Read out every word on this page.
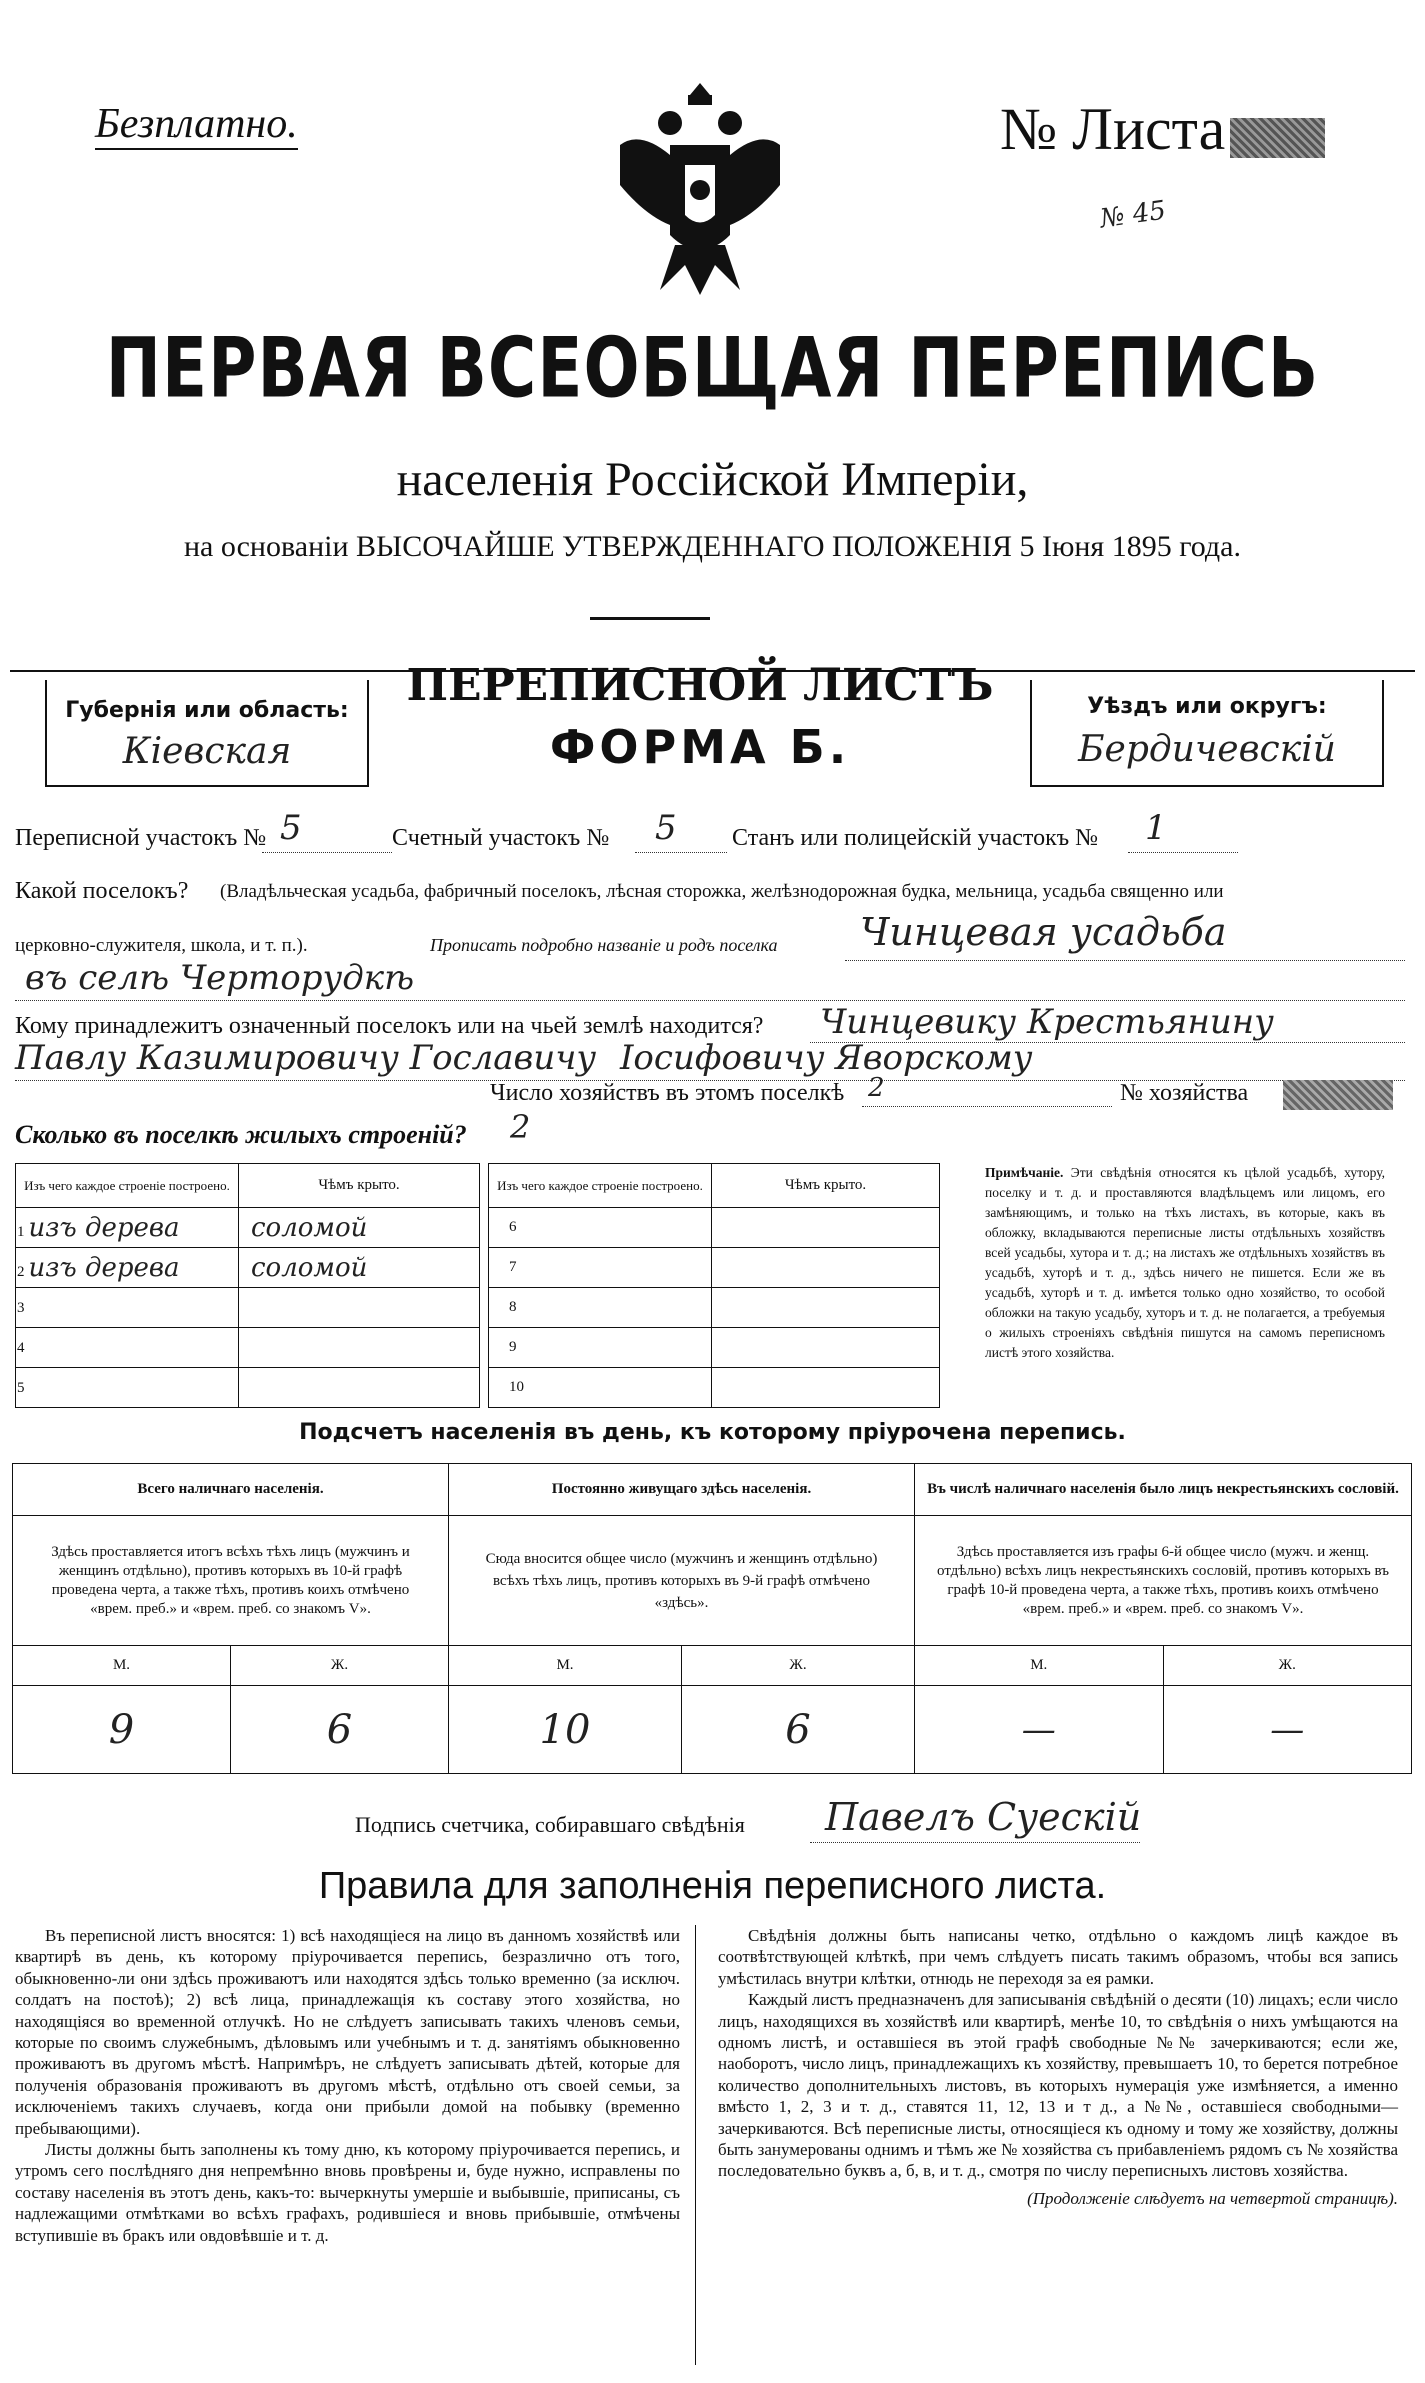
Безплатно.	№ Листа
№ 45
ПЕРВАЯ ВСЕОБЩАЯ ПЕРЕПИСЬ
населенія Россійской Имперіи,
на основаніи ВЫСОЧАЙШЕ УТВЕРЖДЕННАГО ПОЛОЖЕНІЯ 5 Іюня 1895 года.
Губернія или область:
Кіевская
ПЕРЕПИСНОЙ ЛИСТЪ
ФОРМА Б.
Уѣздъ или округъ:
Бердичевскій
Переписной участокъ № 5	Счетный участокъ № 5 Станъ или полицейскій участокъ № 1
Какой поселокъ? (Владѣльческая усадьба, фабричный поселокъ, лѣсная сторожка, желѣзнодорожная будка, мельница, усадьба священно или
церковно-служителя, школа, и т. п.).	Прописать подробно названіе и родъ поселка Чинцевая усадьба
въ селѣ Черторудкѣ
Кому принадлежитъ означенный поселокъ или на чьей землѣ находится? Чинцевику Крестьянину
Павлу Казимировичу Гославичу Іосифовичу Яворскому
Число хозяйствъ въ этомъ поселкѣ 2	№ хозяйства
Сколько въ поселкѣ жилыхъ строеній? 2
Изъ чего каждое строеніе построено.	Чѣмъ крыто.
1 изъ дерева	соломой
2 изъ дерева	соломой
3	
4	
5	
Изъ чего каждое строеніе построено.	Чѣмъ крыто.
6	
7	
8	
9	
10	
Примѣчаніе. Эти свѣдѣнія относятся къ цѣлой усадьбѣ, хутору, поселку и т. д. и проставляются владѣльцемъ или лицомъ, его замѣняющимъ, и только на тѣхъ листахъ, въ которые, какъ въ обложку, вкладываются переписные листы отдѣльныхъ хозяйствъ всей усадьбы, хутора и т. д.; на листахъ же отдѣльныхъ хозяйствъ въ усадьбѣ, хуторѣ и т. д., здѣсь ничего не пишется. Если же въ усадьбѣ, хуторѣ и т. д. имѣется только одно хозяйство, то особой обложки на такую усадьбу, хуторъ и т. д. не полагается, а требуемыя о жилыхъ строеніяхъ свѣдѣнія пишутся на самомъ переписномъ листѣ этого хозяйства.
Подсчетъ населенія въ день, къ которому пріурочена перепись.
Всего наличнаго населенія.		Постоянно живущаго здѣсь населенія.		Въ числѣ наличнаго населенія было лицъ некрестьянскихъ сословій.	
Здѣсь проставляется итогъ всѣхъ тѣхъ лицъ (мужчинъ и женщинъ отдѣльно), противъ которыхъ въ 10-й графѣ проведена черта, а также тѣхъ, противъ коихъ отмѣчено «врем. преб.» и «врем. преб. со знакомъ V».		Сюда вносится общее число (мужчинъ и женщинъ отдѣльно) всѣхъ тѣхъ лицъ, противъ которыхъ въ 9-й графѣ отмѣчено «здѣсь».		Здѣсь проставляется изъ графы 6-й общее число (мужч. и женщ. отдѣльно) всѣхъ лицъ некрестьянскихъ сословій, противъ которыхъ въ графѣ 10-й проведена черта, а также тѣхъ, противъ коихъ отмѣчено «врем. преб.» и «врем. преб. со знакомъ V».	
М.	Ж.	М.	Ж.	М.	Ж.
9	6	10	6	—	—
Подпись счетчика, собиравшаго свѣдѣнія Павелъ Суескій
Правила для заполненія переписного листа.

Въ переписной листъ вносятся: 1) всѣ находящіеся на лицо въ данномъ хозяйствѣ или квартирѣ въ день, къ которому пріурочивается перепись, безразлично отъ того, обыкновенно-ли они здѣсь проживаютъ или находятся здѣсь только временно (за исключ. солдатъ на постоѣ); 2) всѣ лица, принадлежащія къ составу этого хозяйства, но находящіяся во временной отлучкѣ. Но не слѣдуетъ записывать такихъ членовъ семьи, которые по своимъ служебнымъ, дѣловымъ или учебнымъ и т. д. занятіямъ обыкновенно проживаютъ въ другомъ мѣстѣ. Напримѣръ, не слѣдуетъ записывать дѣтей, которые для полученія образованія проживаютъ въ другомъ мѣстѣ, отдѣльно отъ своей семьи, за исключеніемъ такихъ случаевъ, когда они прибыли домой на побывку (временно пребывающими).

Листы должны быть заполнены къ тому дню, къ которому пріурочивается перепись, и утромъ сего послѣдняго дня непремѣнно вновь провѣрены и, буде нужно, исправлены по составу населенія въ этотъ день, какъ-то: вычеркнуты умершіе и выбывшіе, приписаны, съ надлежащими отмѣтками во всѣхъ графахъ, родившіеся и вновь прибывшіе, отмѣчены вступившіе въ бракъ или овдовѣвшіе и т. д.

Свѣдѣнія должны быть написаны четко, отдѣльно о каждомъ лицѣ каждое въ соотвѣтствующей клѣткѣ, при чемъ слѣдуетъ писать такимъ образомъ, чтобы вся запись умѣстилась внутри клѣтки, отнюдь не переходя за ея рамки.

Каждый листъ предназначенъ для записыванія свѣдѣній о десяти (10) лицахъ; если число лицъ, находящихся въ хозяйствѣ или квартирѣ, менѣе 10, то свѣдѣнія о нихъ умѣщаются на одномъ листѣ, и оставшіеся въ этой графѣ свободные №№ зачеркиваются; если же, наоборотъ, число лицъ, принадлежащихъ къ хозяйству, превышаетъ 10, то берется потребное количество дополнительныхъ листовъ, въ которыхъ нумерація уже измѣняется, а именно вмѣсто 1, 2, 3 и т. д., ставятся 11, 12, 13 и т д., а №№, оставшіеся свободными—зачеркиваются. Всѣ переписные листы, относящіеся къ одному и тому же хозяйству, должны быть занумерованы однимъ и тѣмъ же № хозяйства съ прибавленіемъ рядомъ съ № хозяйства последовательно буквъ а, б, в, и т. д., смотря по числу переписныхъ листовъ хозяйства.

(Продолженіе слѣдуетъ на четвертой страницѣ).
